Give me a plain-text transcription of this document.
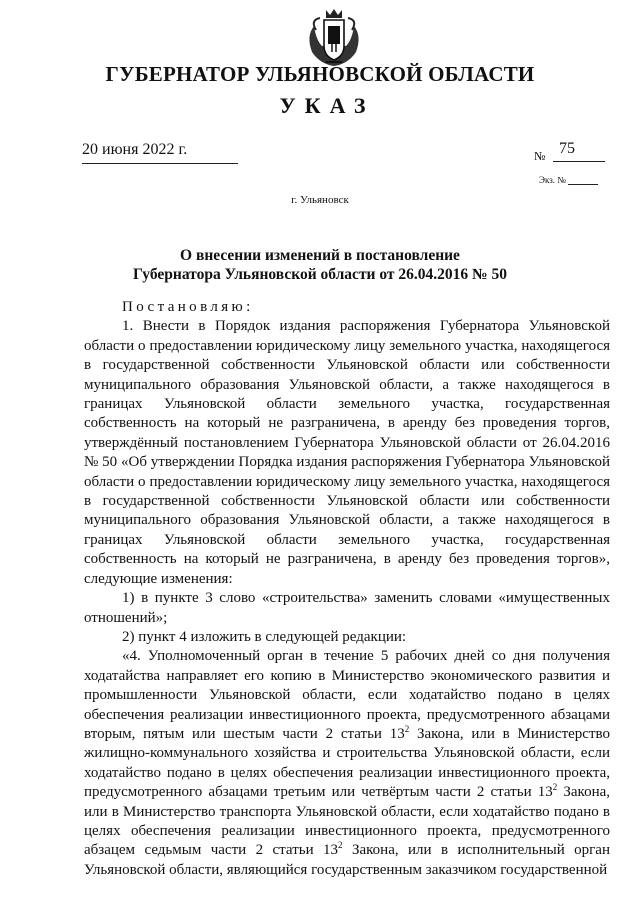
ГУБЕРНАТОР УЛЬЯНОВСКОЙ ОБЛАСТИ
УКАЗ
20 июня 2022 г.	№ 75
Экз. №
г. Ульяновск
О внесении изменений в постановление
Губернатора Ульяновской области от 26.04.2016 № 50

Постановляю:

1. Внести в Порядок издания распоряжения Губернатора Ульяновской области о предоставлении юридическому лицу земельного участка, находящегося в государственной собственности Ульяновской области или собственности муниципального образования Ульяновской области, а также находящегося в границах Ульяновской области земельного участка, государственная собственность на который не разграничена, в аренду без проведения торгов, утверждённый постановлением Губернатора Ульяновской области от 26.04.2016 № 50 «Об утверждении Порядка издания распоряжения Губернатора Ульяновской области о предоставлении юридическому лицу земельного участка, находящегося в государственной собственности Ульяновской области или собственности муниципального образования Ульяновской области, а также находящегося в границах Ульяновской области земельного участка, государственная собственность на который не разграничена, в аренду без проведения торгов», следующие изменения:

1) в пункте 3 слово «строительства» заменить словами «имущественных отношений»;

2) пункт 4 изложить в следующей редакции:

«4. Уполномоченный орган в течение 5 рабочих дней со дня получения ходатайства направляет его копию в Министерство экономического развития и промышленности Ульяновской области, если ходатайство подано в целях обеспечения реализации инвестиционного проекта, предусмотренного абзацами вторым, пятым или шестым части 2 статьи $13^2$ Закона, или в Министерство жилищно-коммунального хозяйства и строительства Ульяновской области, если ходатайство подано в целях обеспечения реализации инвестиционного проекта, предусмотренного абзацами третьим или четвёртым части 2 статьи $13^2$ Закона, или в Министерство транспорта Ульяновской области, если ходатайство подано в целях обеспечения реализации инвестиционного проекта, предусмотренного абзацем седьмым части 2 статьи $13^2$ Закона, или в исполнительный орган Ульяновской области, являющийся государственным заказчиком государственной
